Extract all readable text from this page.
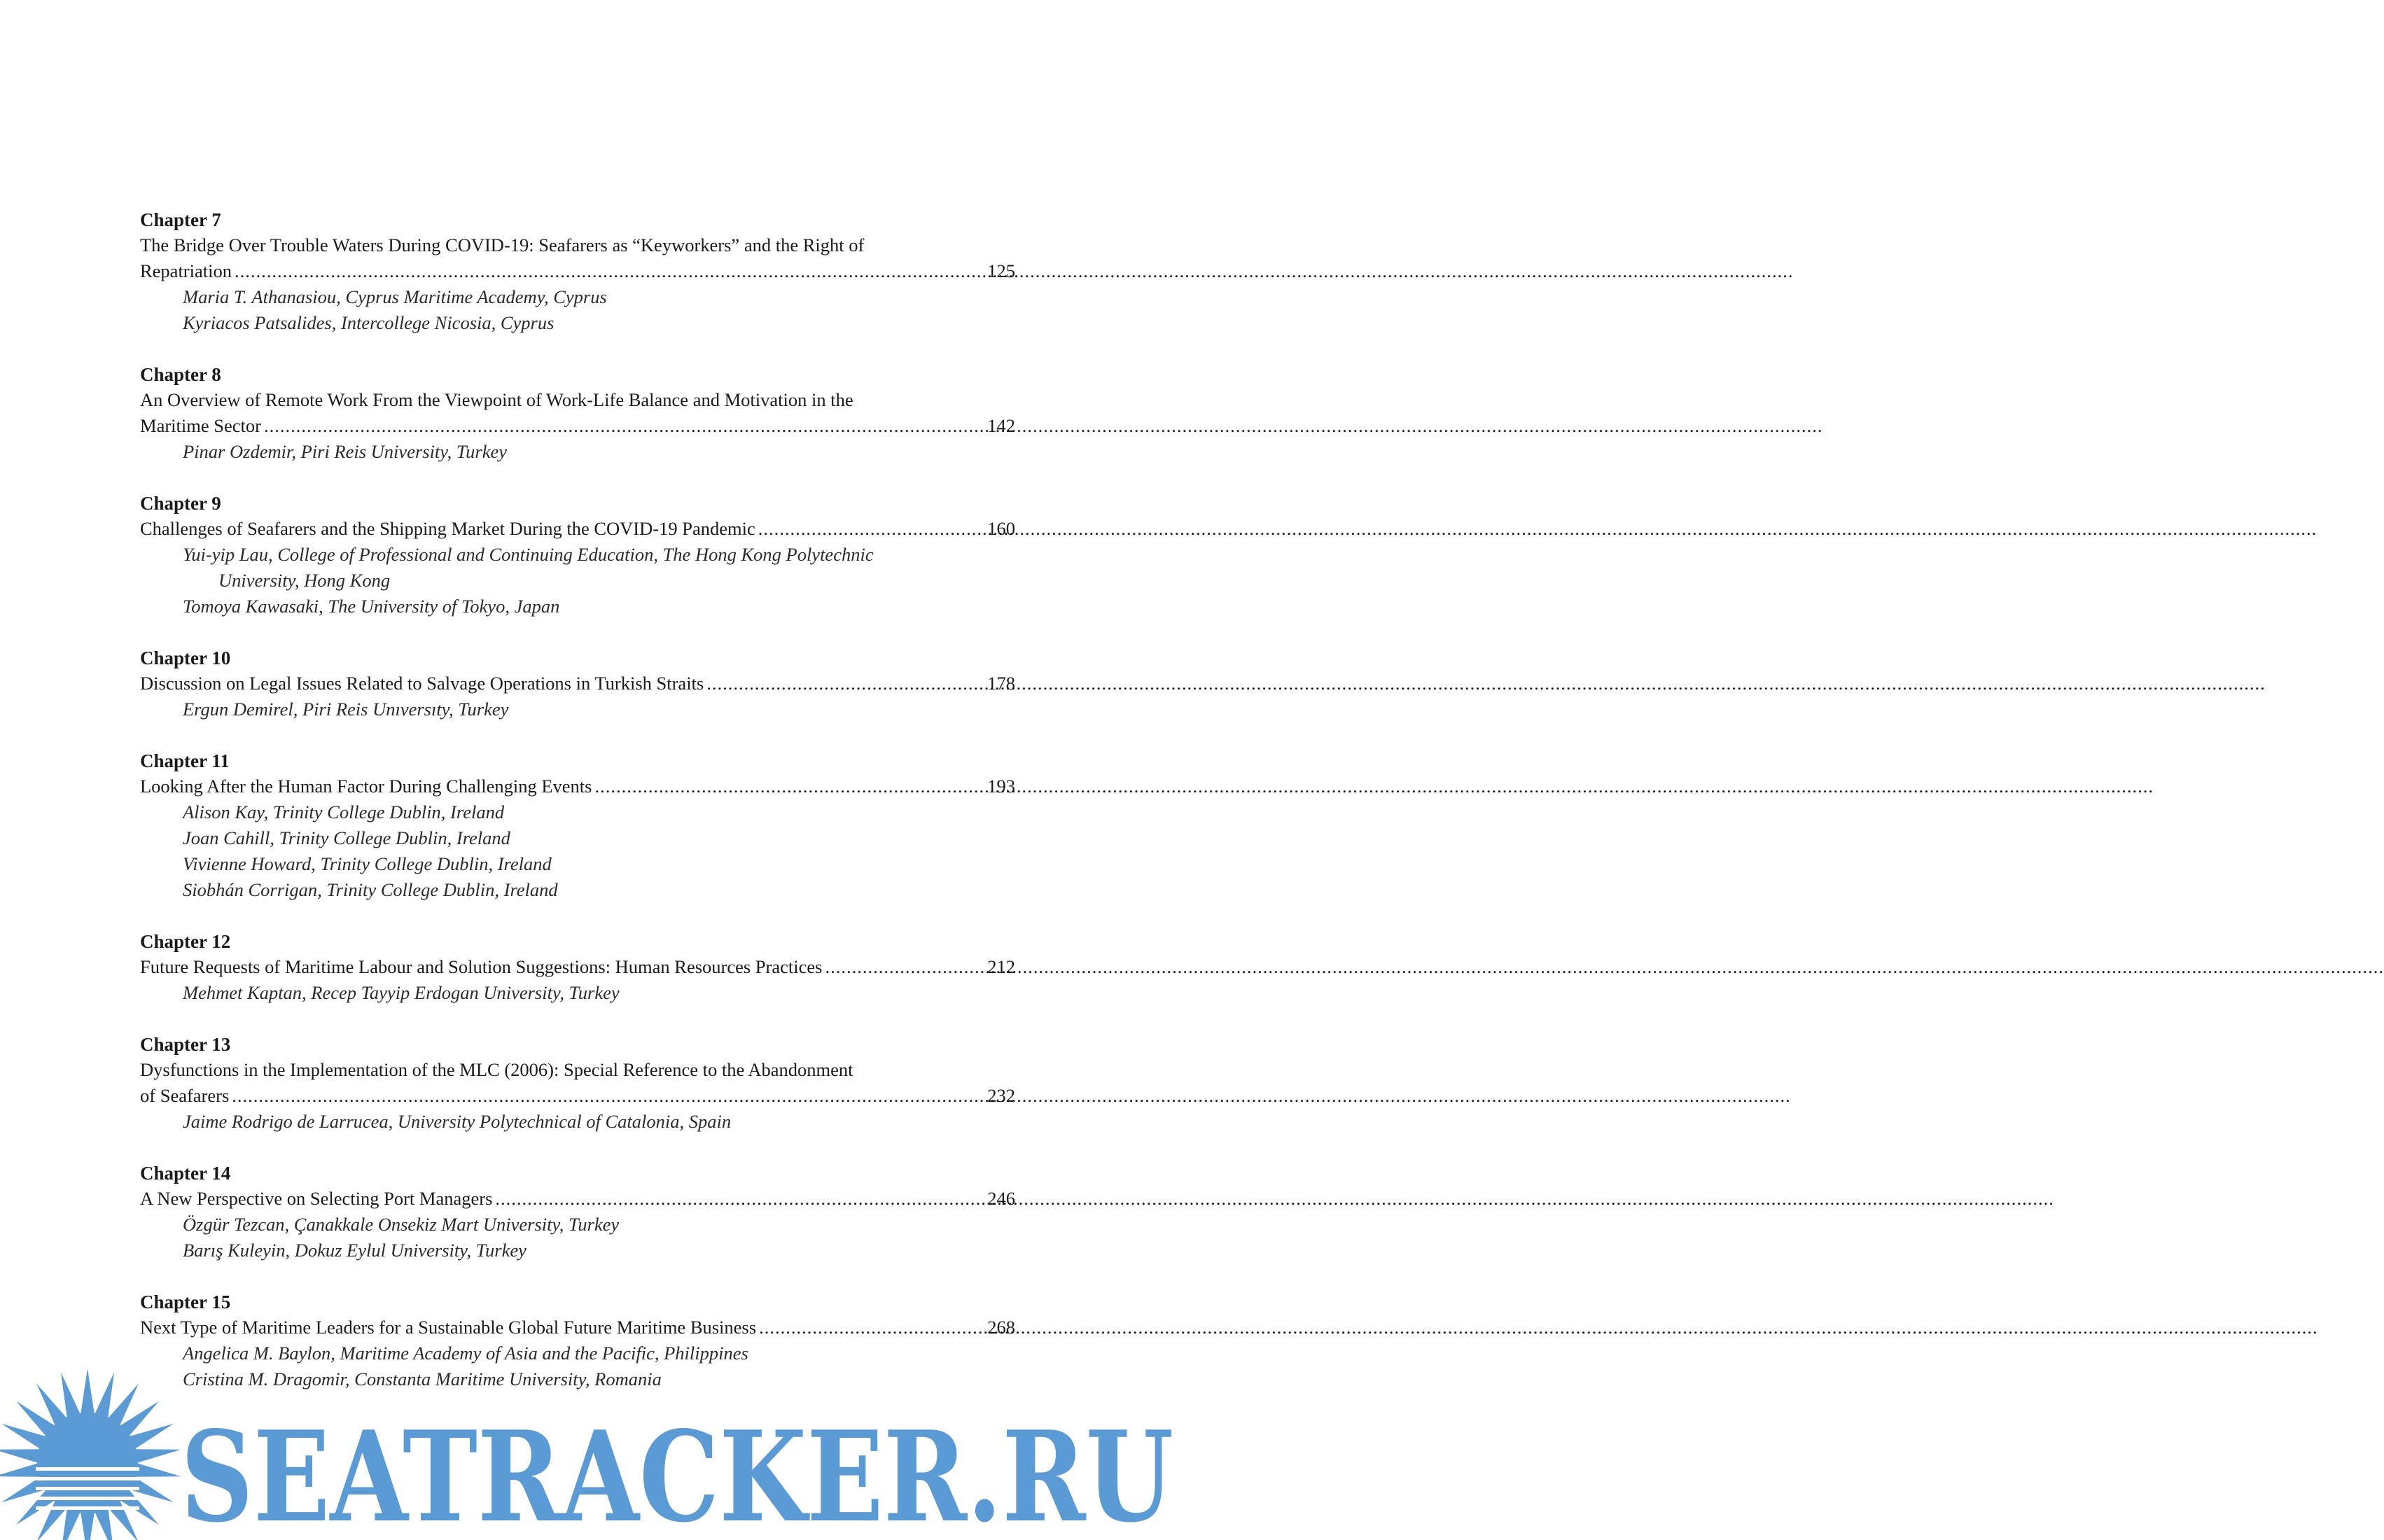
Chapter 7
The Bridge Over Trouble Waters During COVID-19: Seafarers as “Keyworkers” and the Right of
Repatriation .....	125
Maria T. Athanasiou, Cyprus Maritime Academy, Cyprus
Kyriacos Patsalides, Intercollege Nicosia, Cyprus
Chapter 8
An Overview of Remote Work From the Viewpoint of Work-Life Balance and Motivation in the
Maritime Sector .....	142
Pinar Ozdemir, Piri Reis University, Turkey
Chapter 9
Challenges of Seafarers and the Shipping Market During the COVID-19 Pandemic .....	160
Yui-yip Lau, College of Professional and Continuing Education, The Hong Kong Polytechnic
University, Hong Kong
Tomoya Kawasaki, The University of Tokyo, Japan
Chapter 10
Discussion on Legal Issues Related to Salvage Operations in Turkish Straits .....	178
Ergun Demirel, Piri Reis Unıversıty, Turkey
Chapter 11
Looking After the Human Factor During Challenging Events .....	193
Alison Kay, Trinity College Dublin, Ireland
Joan Cahill, Trinity College Dublin, Ireland
Vivienne Howard, Trinity College Dublin, Ireland
Siobhán Corrigan, Trinity College Dublin, Ireland
Chapter 12
Future Requests of Maritime Labour and Solution Suggestions: Human Resources Practices .....	212
Mehmet Kaptan, Recep Tayyip Erdogan University, Turkey
Chapter 13
Dysfunctions in the Implementation of the MLC (2006): Special Reference to the Abandonment
of Seafarers .....	232
Jaime Rodrigo de Larrucea, University Polytechnical of Catalonia, Spain
Chapter 14
A New Perspective on Selecting Port Managers .....	246
Özgür Tezcan, Çanakkale Onsekiz Mart University, Turkey
Barış Kuleyin, Dokuz Eylul University, Turkey
Chapter 15
Next Type of Maritime Leaders for a Sustainable Global Future Maritime Business .....	268
Angelica M. Baylon, Maritime Academy of Asia and the Pacific, Philippines
Cristina M. Dragomir, Constanta Maritime University, Romania
SEATRACKER.RU
